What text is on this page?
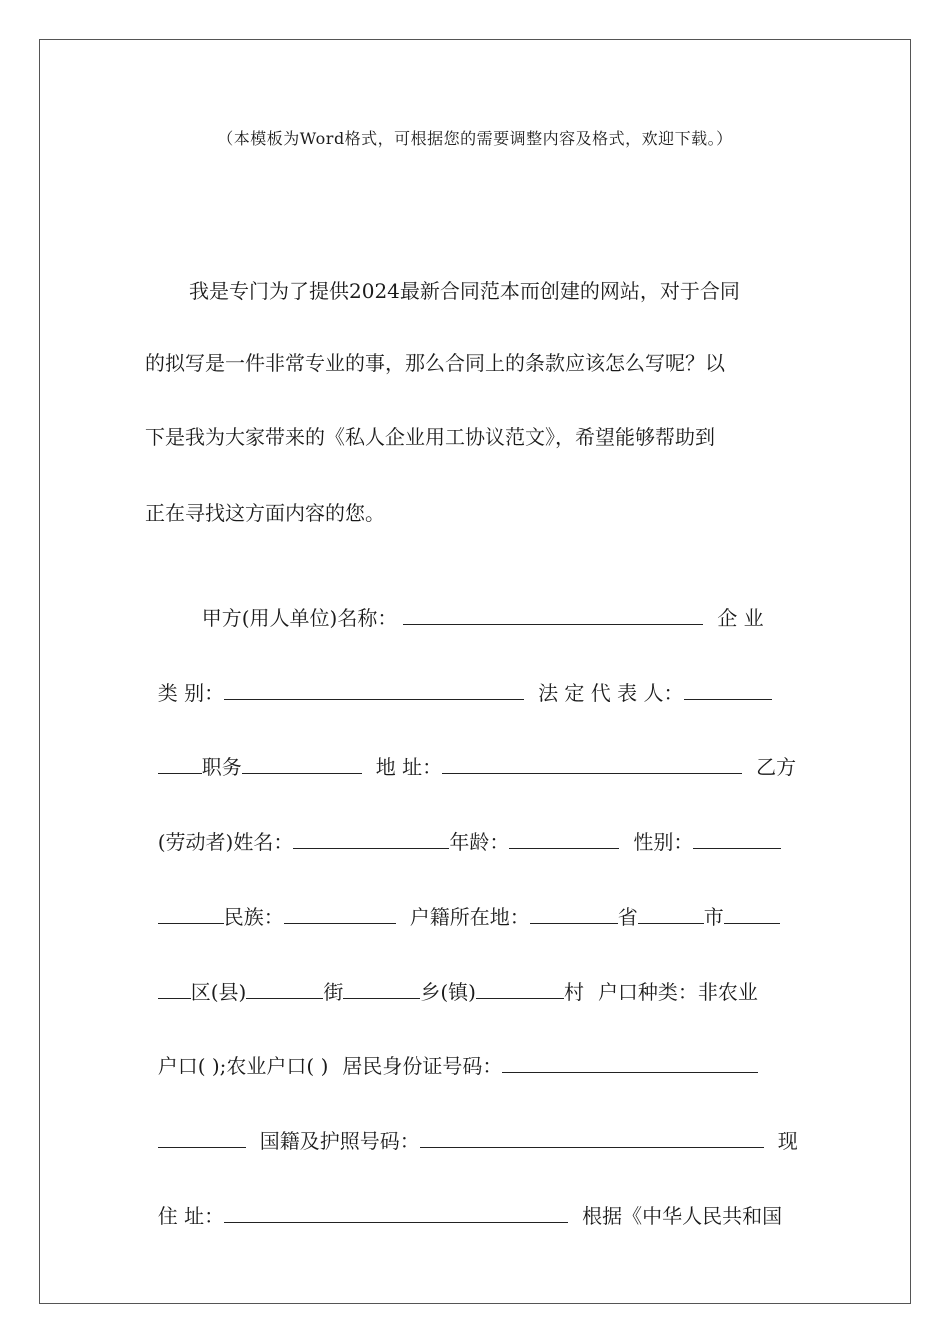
（本模板为Word格式，可根据您的需要调整内容及格式，欢迎下载。）
我是专门为了提供2024最新合同范本而创建的网站，对于合同
的拟写是一件非常专业的事，那么合同上的条款应该怎么写呢？以
下是我为大家带来的《私人企业用工协议范文》，希望能够帮助到
正在寻找这方面内容的您。

甲方(用人单位)名称：	企 业

类 别：	法 定 代 表 人：

职务	地 址：	乙方

(劳动者)姓名：	年龄：	性别：

民族：	户籍所在地：	省	市

区(县)	街	乡(镇)	村 户口种类：非农业

户口( );农业户口( ) 居民身份证号码：

国籍及护照号码：	现

住 址：	根据《中华人民共和国
